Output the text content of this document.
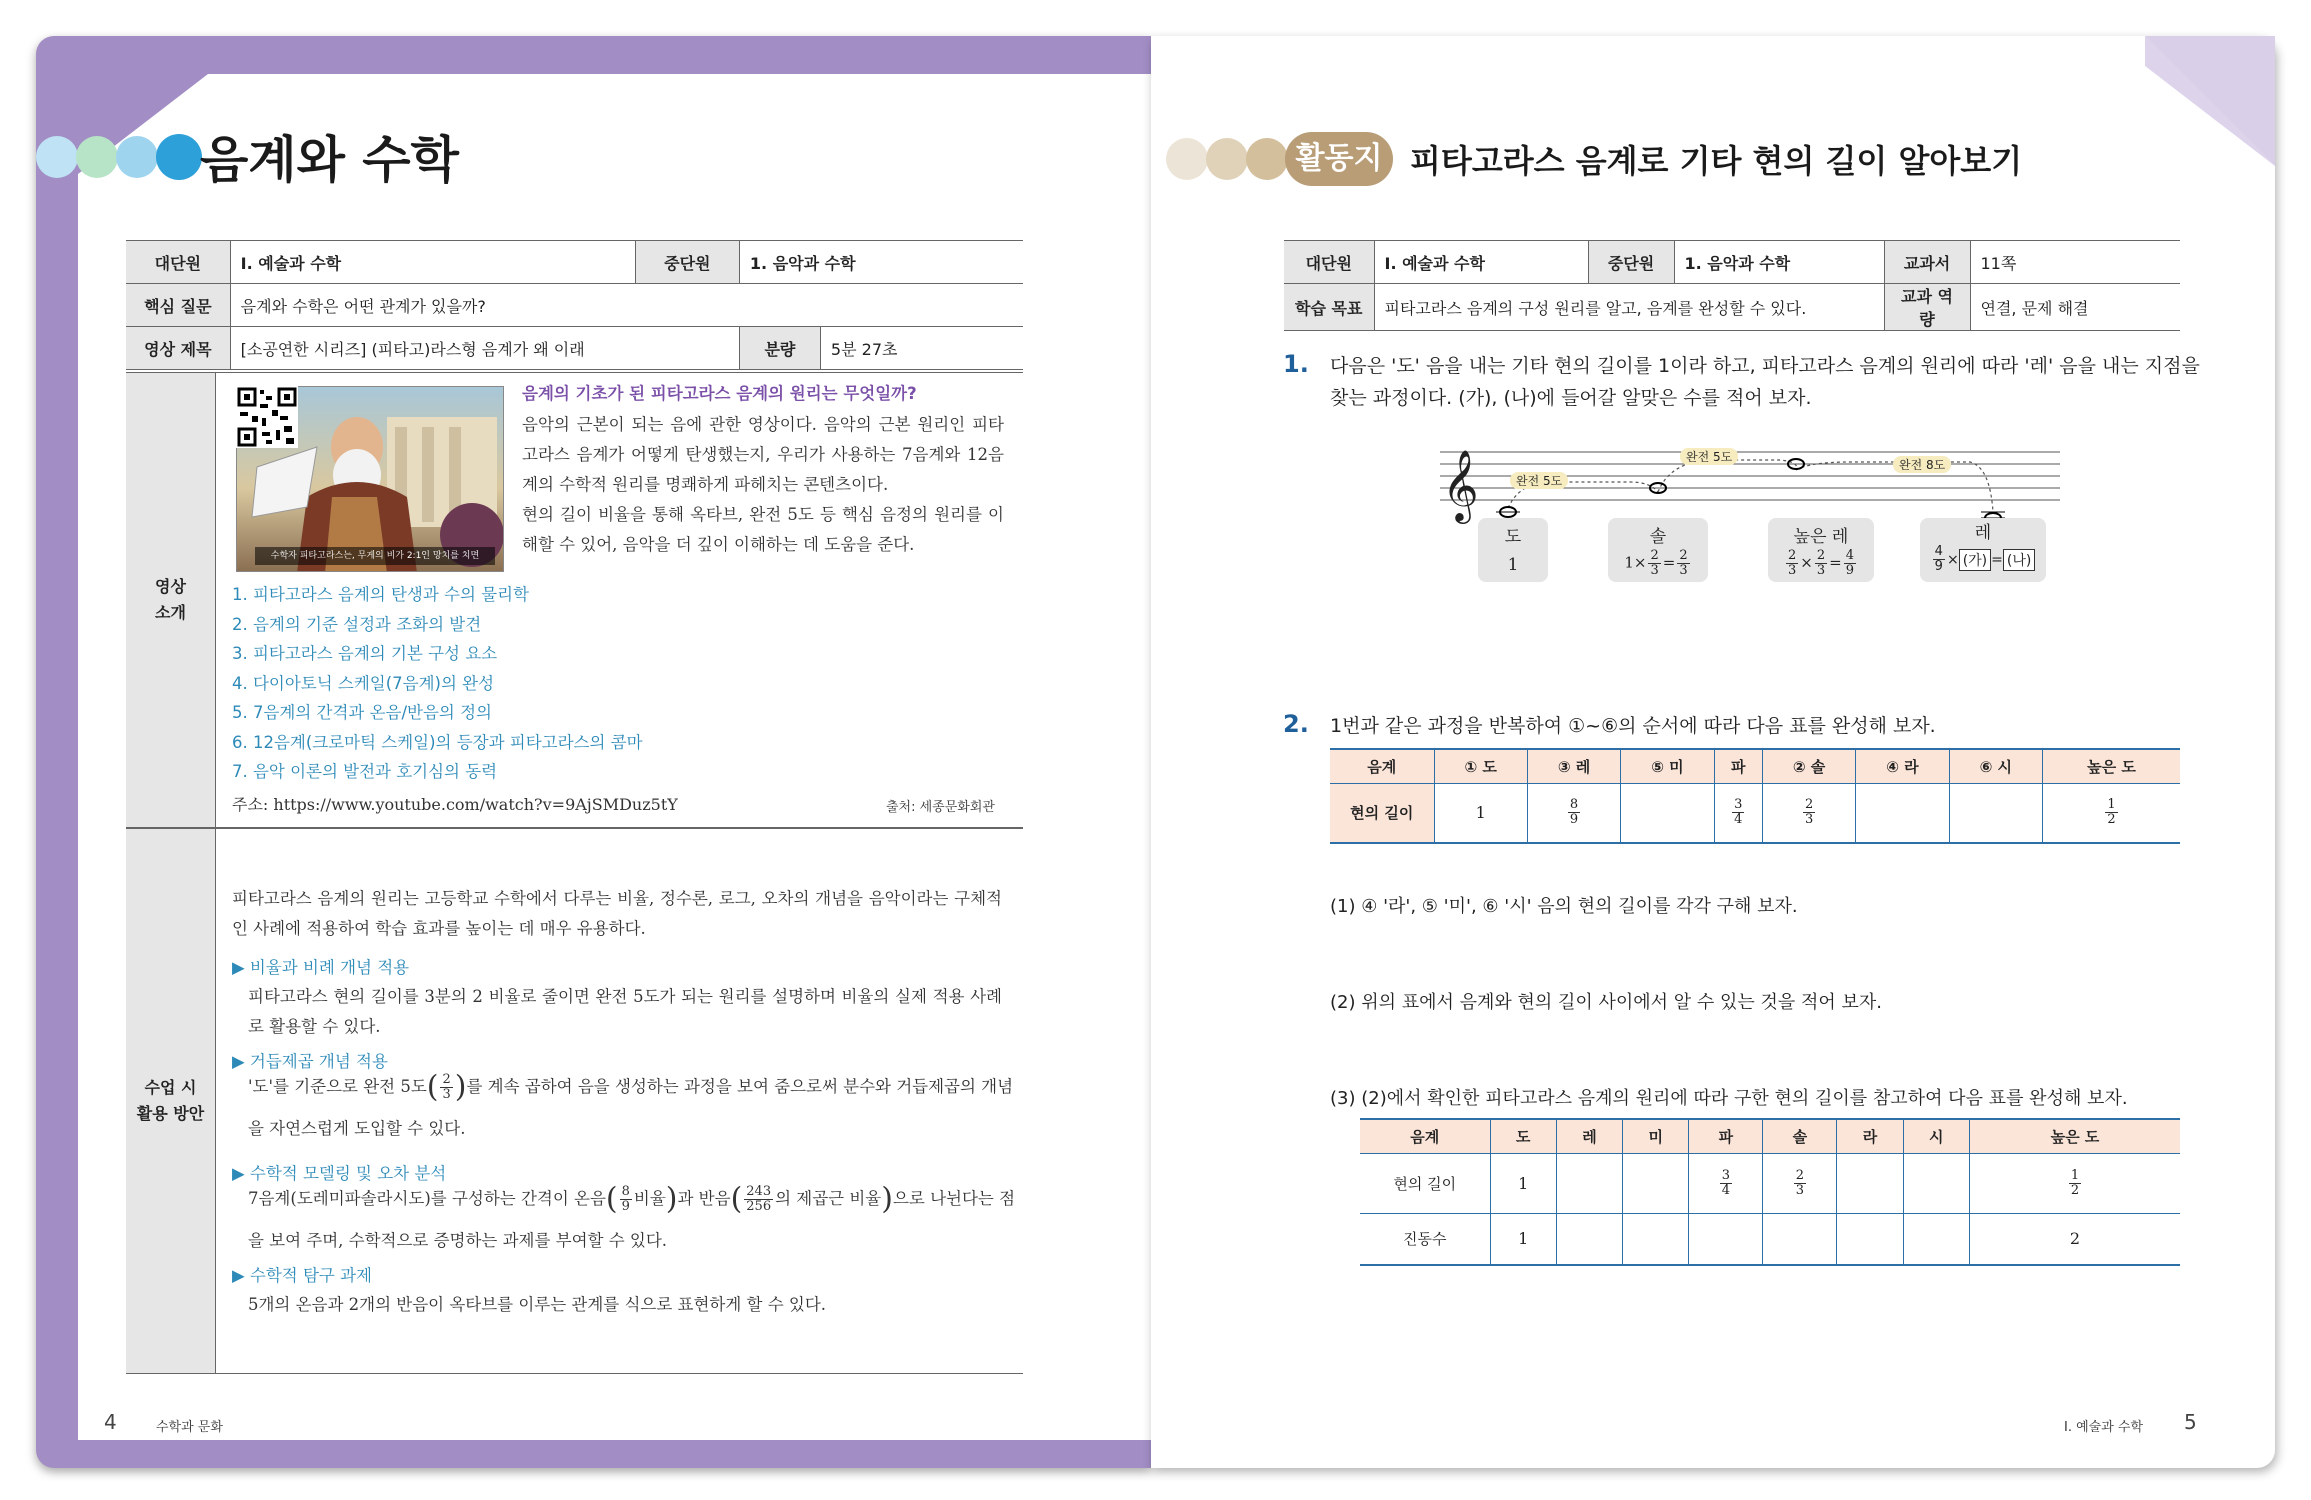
음계와 수학
대단원	Ⅰ. 예술과 수학	중단원	1. 음악과 수학	
핵심 질문	음계와 수학은 어떤 관계가 있을까?			
영상 제목	[소공연한 시리즈] (피타고)라스형 음계가 왜 이래		분량	5분 27초
영상
소개
수학자 피타고라스는, 무게의 비가 2:1인 망치를 치면
음계의 기초가 된 피타고라스 음계의 원리는 무엇일까?
음악의 근본이 되는 음에 관한 영상이다. 음악의 근본 원리인 피타고라스 음계가 어떻게 탄생했는지, 우리가 사용하는 7음계와 12음계의 수학적 원리를 명쾌하게 파헤치는 콘텐츠이다.
현의 길이 비율을 통해 옥타브, 완전 5도 등 핵심 음정의 원리를 이해할 수 있어, 음악을 더 깊이 이해하는 데 도움을 준다.
1. 피타고라스 음계의 탄생과 수의 물리학
2. 음계의 기준 설정과 조화의 발견
3. 피타고라스 음계의 기본 구성 요소
4. 다이아토닉 스케일(7음계)의 완성
5. 7음계의 간격과 온음/반음의 정의
6. 12음계(크로마틱 스케일)의 등장과 피타고라스의 콤마
7. 음악 이론의 발전과 호기심의 동력
주소: https://www.youtube.com/watch?v=9AjSMDuz5tY	출처: 세종문화회관
수업 시
활용 방안
피타고라스 음계의 원리는 고등학교 수학에서 다루는 비율, 정수론, 로그, 오차의 개념을 음악이라는 구체적인 사례에 적용하여 학습 효과를 높이는 데 매우 유용하다.
▶ 비율과 비례 개념 적용
피타고라스 현의 길이를 3분의 2 비율로 줄이면 완전 5도가 되는 원리를 설명하며 비율의 실제 적용 사례로 활용할 수 있다.
▶ 거듭제곱 개념 적용
'도'를 기준으로 완전 5도( $\frac{2}{3}$ )를 계속 곱하여 음을 생성하는 과정을 보여 줌으로써 분수와 거듭제곱의 개념
을 자연스럽게 도입할 수 있다.
▶ 수학적 모델링 및 오차 분석
7음계(도레미파솔라시도)를 구성하는 간격이 온음( $\frac{8}{9}$ 비율)과 반음( $\frac{243}{256}$ 의 제곱근 비율)으로 나뉜다는 점
을 보여 주며, 수학적으로 증명하는 과제를 부여할 수 있다.
▶ 수학적 탐구 과제
5개의 온음과 2개의 반음이 옥타브를 이루는 관계를 식으로 표현하게 할 수 있다.
4	수학과 문화
활동지 피타고라스 음계로 기타 현의 길이 알아보기
대단원	Ⅰ. 예술과 수학	중단원	1. 음악과 수학	교과서	11쪽
학습 목표	피타고라스 음계의 구성 원리를 알고, 음계를 완성할 수 있다.			교과 역량	연결, 문제 해결
1. 다음은 '도' 음을 내는 기타 현의 길이를 1이라 하고, 피타고라스 음계의 원리에 따라 '레' 음을 내는 지점을
찾는 과정이다. (가), (나)에 들어갈 알맞은 수를 적어 보자.
𝄞	완전 5도
완전 5도
완전 8도
도
1
솔
$1\times \frac{2}{3} = \frac{2}{3}$
높은 레
$\frac{2}{3} \times \frac{2}{3} = \frac{4}{9}$
레
$\frac{4}{9}$ × (가) = (나)
2. 1번과 같은 과정을 반복하여 ①~⑥의 순서에 따라 다음 표를 완성해 보자.
음계	① 도	③ 레	⑤ 미	파	② 솔	④ 라	⑥ 시	높은 도
현의 길이	1	$\frac{8}{9}$		$\frac{3}{4}$	$\frac{2}{3}$			$\frac{1}{2}$
(1) ④ '라', ⑤ '미', ⑥ '시' 음의 현의 길이를 각각 구해 보자.
(2) 위의 표에서 음계와 현의 길이 사이에서 알 수 있는 것을 적어 보자.
(3) (2)에서 확인한 피타고라스 음계의 원리에 따라 구한 현의 길이를 참고하여 다음 표를 완성해 보자.
음계	도	레	미	파	솔	라	시	높은 도
현의 길이	1			$\frac{3}{4}$	$\frac{2}{3}$			$\frac{1}{2}$

진동수	1							2
Ⅰ. 예술과 수학 5
